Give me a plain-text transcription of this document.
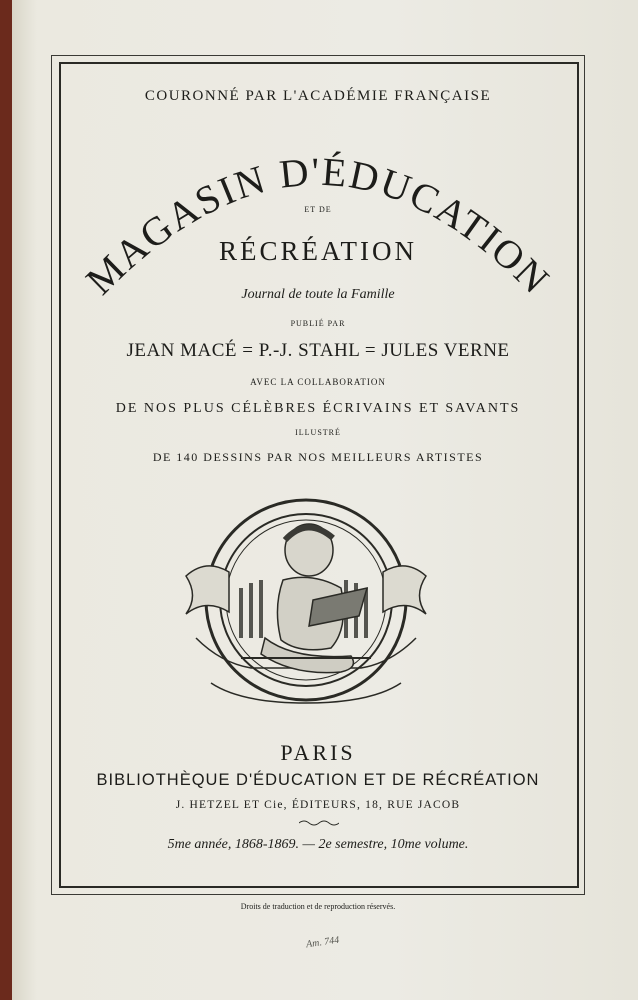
COURONNÉ PAR L'ACADÉMIE FRANÇAISE
MAGASIN D'ÉDUCATION
ET DE
RÉCRÉATION
Journal de toute la Famille
PUBLIÉ PAR
JEAN MACÉ = P.-J. STAHL = JULES VERNE
AVEC LA COLLABORATION
DE NOS PLUS CÉLÈBRES ÉCRIVAINS ET SAVANTS
ILLUSTRÉ
DE 140 DESSINS PAR NOS MEILLEURS ARTISTES
PARIS
BIBLIOTHÈQUE D'ÉDUCATION ET DE RÉCRÉATION
J. HETZEL ET Cie, ÉDITEURS, 18, RUE JACOB
5me année, 1868-1869. — 2e semestre, 10me volume.
Droits de traduction et de reproduction réservés.
Am. 744
